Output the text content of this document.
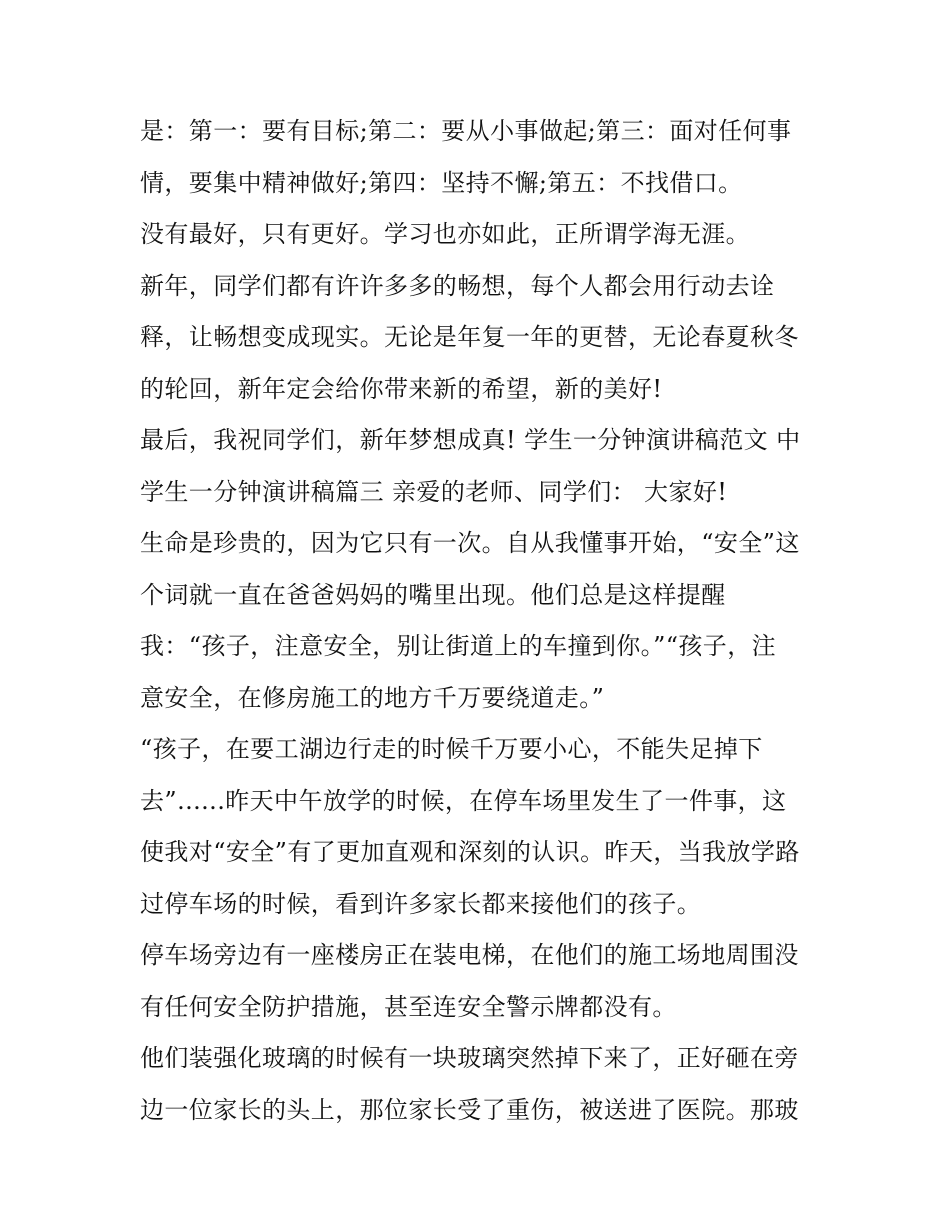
是：第一：要有目标;第二：要从小事做起;第三：面对任何事
情，要集中精神做好;第四：坚持不懈;第五：不找借口。
没有最好，只有更好。学习也亦如此，正所谓学海无涯。
新年，同学们都有许许多多的畅想，每个人都会用行动去诠
释，让畅想变成现实。无论是年复一年的更替，无论春夏秋冬
的轮回，新年定会给你带来新的希望，新的美好!
最后，我祝同学们，新年梦想成真! 学生一分钟演讲稿范文 中
学生一分钟演讲稿篇三 亲爱的老师、同学们： 大家好!
生命是珍贵的，因为它只有一次。自从我懂事开始，“安全”这
个词就一直在爸爸妈妈的嘴里出现。他们总是这样提醒
我：“孩子，注意安全，别让街道上的车撞到你。”“孩子，注
意安全，在修房施工的地方千万要绕道走。”
“孩子，在要工湖边行走的时候千万要小心，不能失足掉下
去”......昨天中午放学的时候，在停车场里发生了一件事，这
使我对“安全”有了更加直观和深刻的认识。昨天，当我放学路
过停车场的时候，看到许多家长都来接他们的孩子。
停车场旁边有一座楼房正在装电梯，在他们的施工场地周围没
有任何安全防护措施，甚至连安全警示牌都没有。
他们装强化玻璃的时候有一块玻璃突然掉下来了，正好砸在旁
边一位家长的头上，那位家长受了重伤，被送进了医院。那玻
